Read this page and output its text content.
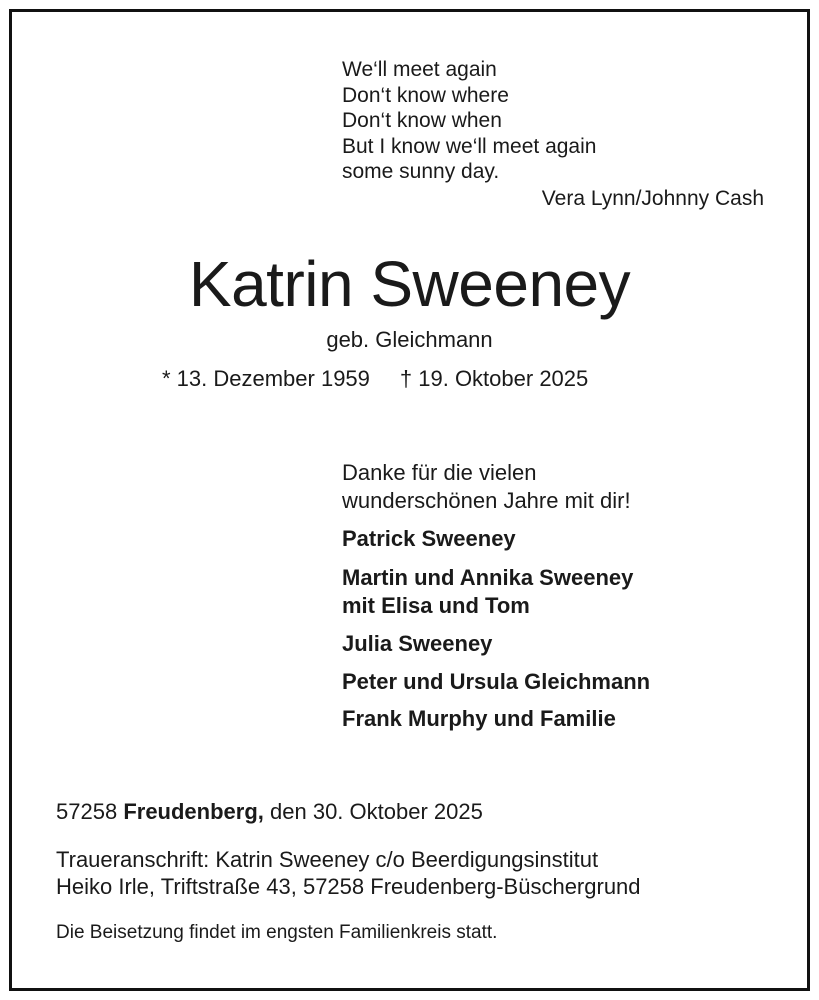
We‘ll meet again
Don‘t know where
Don‘t know when
But I know we‘ll meet again
some sunny day.
Vera Lynn/Johnny Cash
Katrin Sweeney
geb. Gleichmann
* 13. Dezember 1959 † 19. Oktober 2025
Danke für die vielen
wunderschönen Jahre mit dir!
Patrick Sweeney
Martin und Annika Sweeney
mit Elisa und Tom
Julia Sweeney
Peter und Ursula Gleichmann
Frank Murphy und Familie
57258 Freudenberg, den 30. Oktober 2025
Traueranschrift: Katrin Sweeney c/o Beerdigungsinstitut
Heiko Irle, Triftstraße 43, 57258 Freudenberg-Büschergrund
Die Beisetzung findet im engsten Familienkreis statt.
